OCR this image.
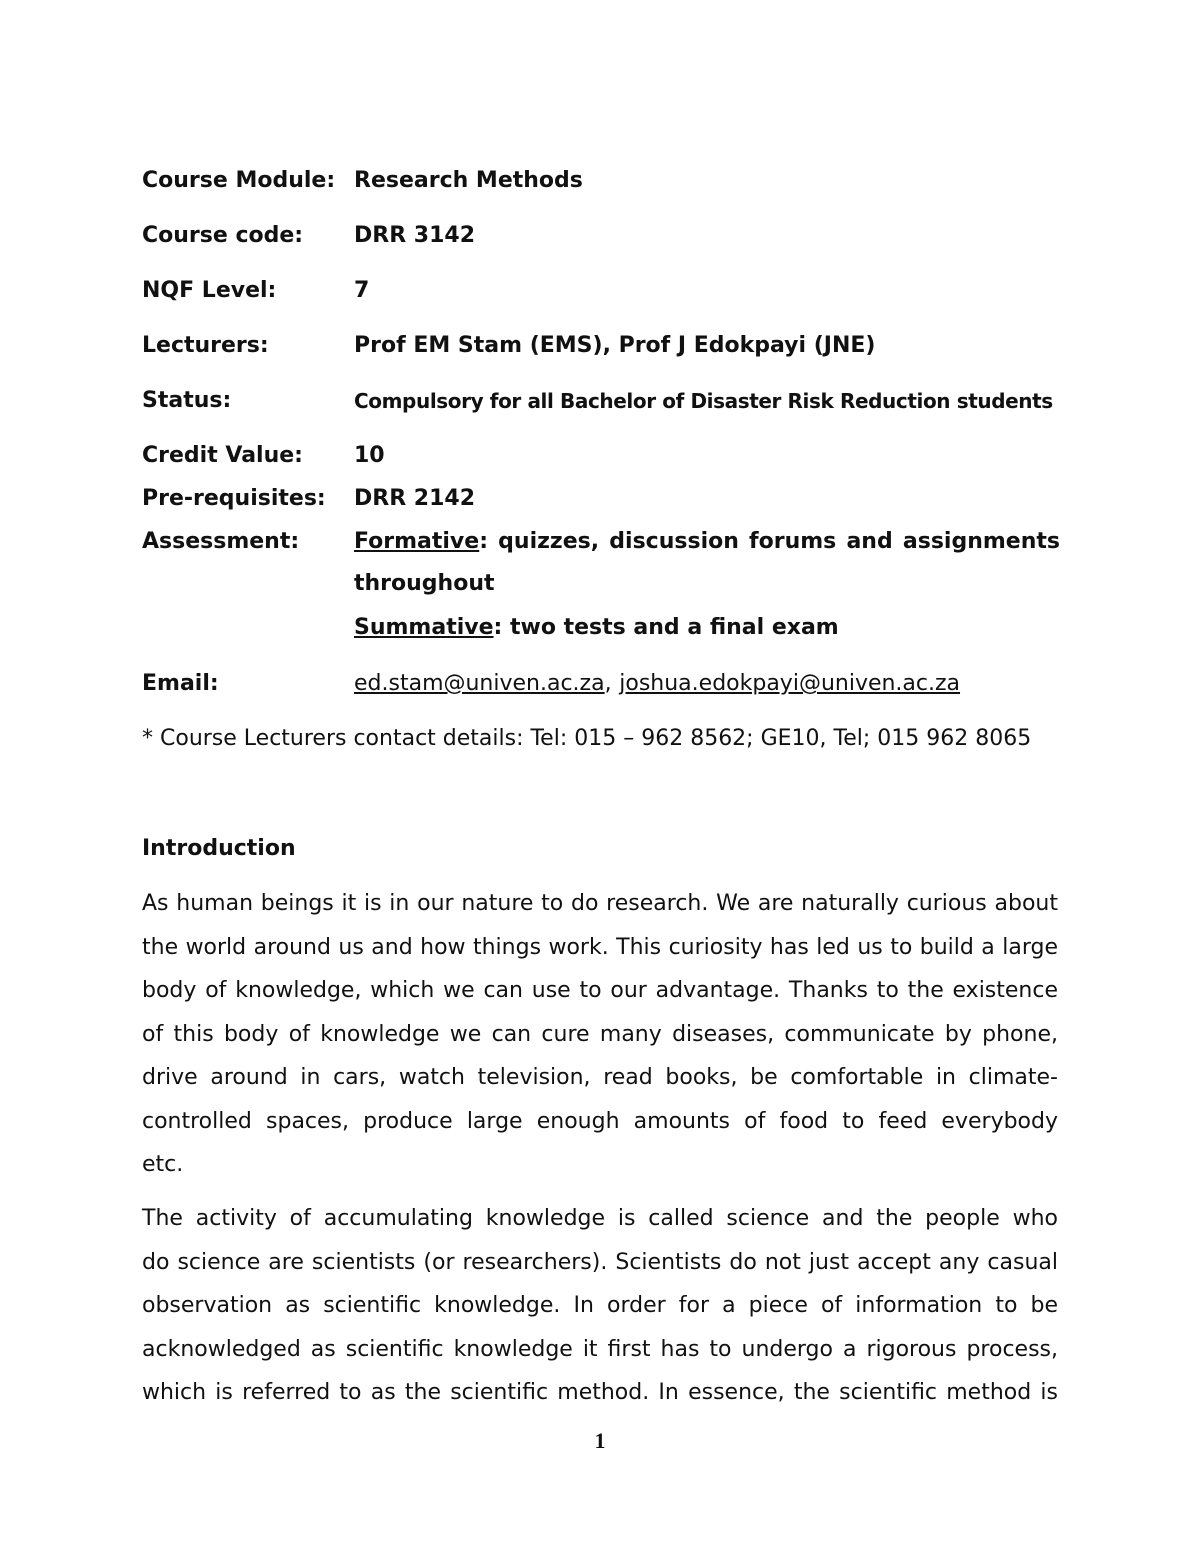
Course Module: Research Methods
Course code: DRR 3142
NQF Level:	7
Lecturers:	Prof EM Stam (EMS), Prof J Edokpayi (JNE)
Status:	Compulsory for all Bachelor of Disaster Risk Reduction students
Credit Value: 10
Pre-requisites: DRR 2142
Assessment: Formative: quizzes, discussion forums and assignments
throughout
Summative: two tests and a final exam
Email:	ed.stam@univen.ac.za, joshua.edokpayi@univen.ac.za
* Course Lecturers contact details: Tel: 015 – 962 8562; GE10, Tel; 015 962 8065
Introduction
As human beings it is in our nature to do research. We are naturally curious about
the world around us and how things work. This curiosity has led us to build a large
body of knowledge, which we can use to our advantage. Thanks to the existence
of this body of knowledge we can cure many diseases, communicate by phone,
drive around in cars, watch television, read books, be comfortable in climate-
controlled spaces, produce large enough amounts of food to feed everybody
etc.
The activity of accumulating knowledge is called science and the people who
do science are scientists (or researchers). Scientists do not just accept any casual
observation as scientific knowledge. In order for a piece of information to be
acknowledged as scientific knowledge it first has to undergo a rigorous process,
which is referred to as the scientific method. In essence, the scientific method is
1
